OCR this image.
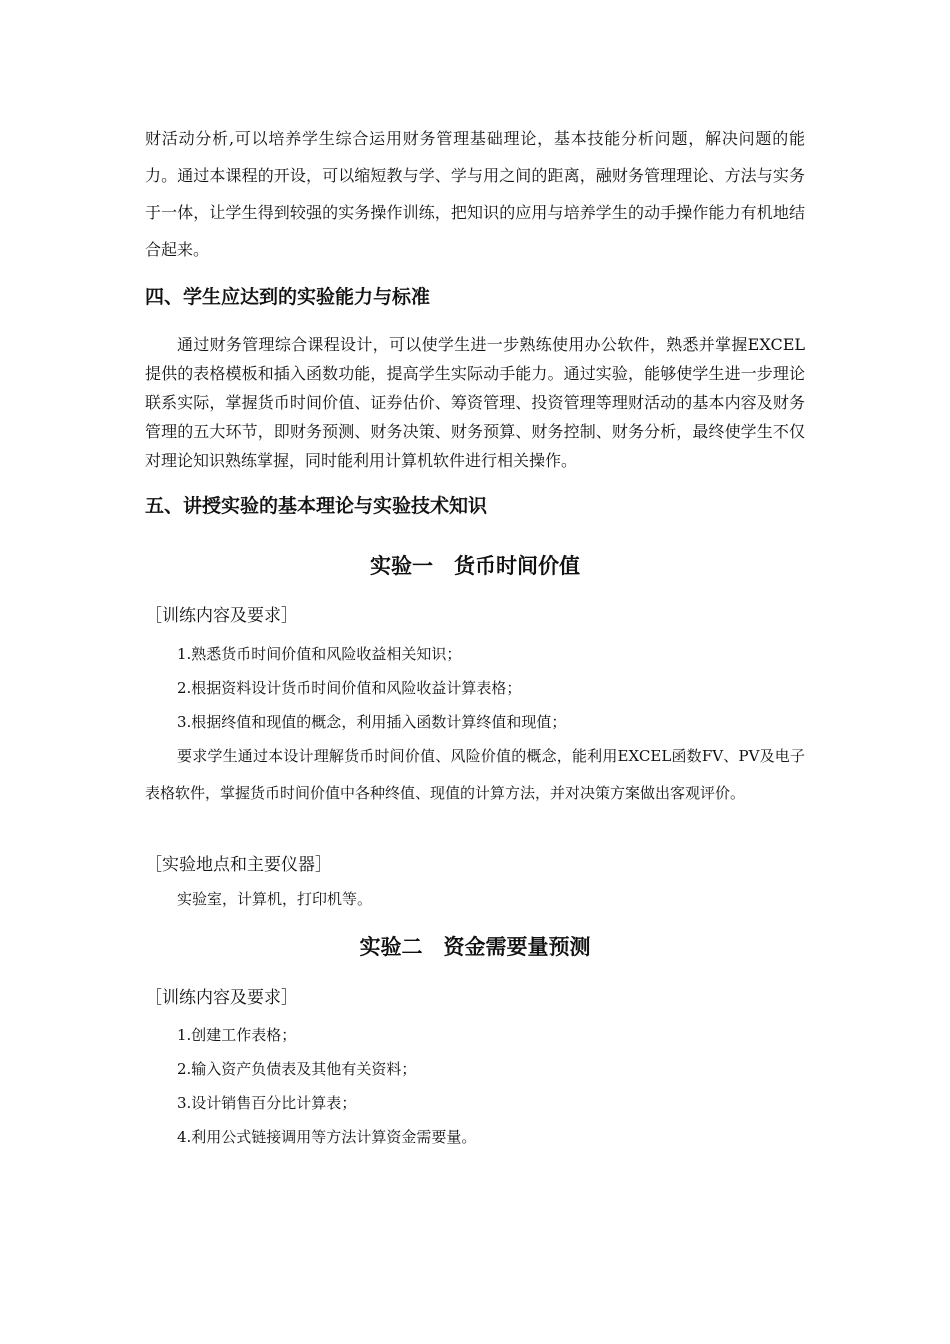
财活动分析,可以培养学生综合运用财务管理基础理论，基本技能分析问题，解决问题的能力。通过本课程的开设，可以缩短教与学、学与用之间的距离，融财务管理理论、方法与实务于一体，让学生得到较强的实务操作训练，把知识的应用与培养学生的动手操作能力有机地结合起来。
四、学生应达到的实验能力与标准
通过财务管理综合课程设计，可以使学生进一步熟练使用办公软件，熟悉并掌握EXCEL提供的表格模板和插入函数功能，提高学生实际动手能力。通过实验，能够使学生进一步理论联系实际，掌握货币时间价值、证券估价、筹资管理、投资管理等理财活动的基本内容及财务管理的五大环节，即财务预测、财务决策、财务预算、财务控制、财务分析，最终使学生不仅对理论知识熟练掌握，同时能利用计算机软件进行相关操作。
五、讲授实验的基本理论与实验技术知识
实验一　货币时间价值
［训练内容及要求］
1.熟悉货币时间价值和风险收益相关知识；
2.根据资料设计货币时间价值和风险收益计算表格；
3.根据终值和现值的概念，利用插入函数计算终值和现值；
要求学生通过本设计理解货币时间价值、风险价值的概念，能利用EXCEL函数FV、PV及电子表格软件，掌握货币时间价值中各种终值、现值的计算方法，并对决策方案做出客观评价。
［实验地点和主要仪器］
实验室，计算机，打印机等。
实验二　资金需要量预测
［训练内容及要求］
1.创建工作表格；
2.输入资产负债表及其他有关资料；
3.设计销售百分比计算表；
4.利用公式链接调用等方法计算资金需要量。
